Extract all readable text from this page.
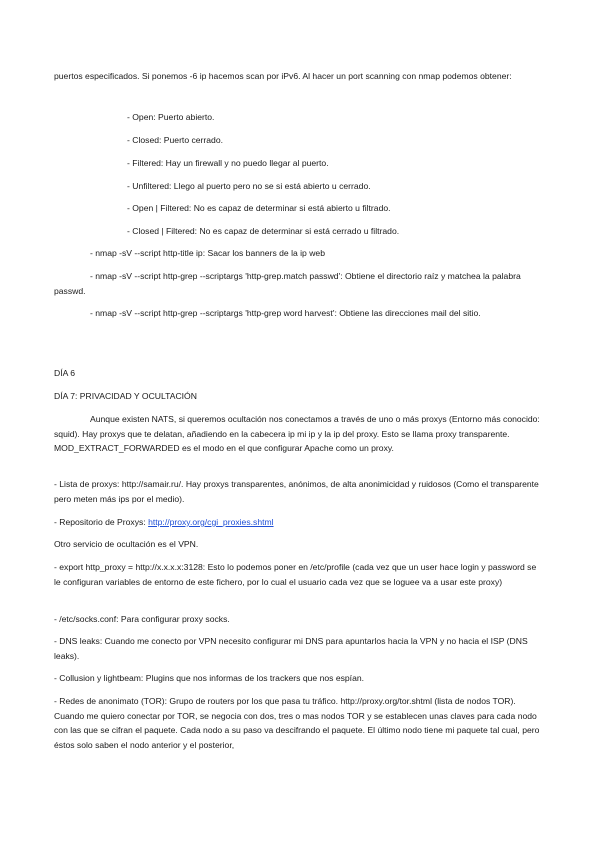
puertos especificados. Si ponemos -6 ip hacemos scan por iPv6. Al hacer un port scanning con nmap podemos obtener:

- Open: Puerto abierto.

- Closed: Puerto cerrado.

- Filtered: Hay un firewall y no puedo llegar al puerto.

- Unfiltered: Llego al puerto pero no se si está abierto u cerrado.

- Open | Filtered: No es capaz de determinar si está abierto u filtrado.

- Closed | Filtered: No es capaz de determinar si está cerrado u filtrado.

- nmap -sV --script http-title ip: Sacar los banners de la ip web

- nmap -sV --script http-grep --scriptargs 'http-grep.match passwd': Obtiene el directorio raíz y matchea la palabra passwd.

- nmap -sV --script http-grep --scriptargs 'http-grep word harvest': Obtiene las direcciones mail del sitio.

DÍA 6

DÍA 7: PRIVACIDAD Y OCULTACIÓN

Aunque existen NATS, si queremos ocultación nos conectamos a través de uno o más proxys (Entorno más conocido: squid). Hay proxys que te delatan, añadiendo en la cabecera ip mi ip y la ip del proxy. Esto se llama proxy transparente. MOD_EXTRACT_FORWARDED es el modo en el que configurar Apache como un proxy.

- Lista de proxys: http://samair.ru/. Hay proxys transparentes, anónimos, de alta anonimicidad y ruidosos (Como el transparente pero meten más ips por el medio).

- Repositorio de Proxys: http://proxy.org/cgi_proxies.shtml

Otro servicio de ocultación es el VPN.

- export http_proxy = http://x.x.x.x:3128: Esto lo podemos poner en /etc/profile (cada vez que un user hace login y password se le configuran variables de entorno de este fichero, por lo cual el usuario cada vez que se loguee va a usar este proxy)

- /etc/socks.conf: Para configurar proxy socks.

- DNS leaks: Cuando me conecto por VPN necesito configurar mi DNS para apuntarlos hacia la VPN y no hacia el ISP (DNS leaks).

- Collusion y lightbeam: Plugins que nos informas de los trackers que nos espían.

- Redes de anonimato (TOR): Grupo de routers por los que pasa tu tráfico. http://proxy.org/tor.shtml (lista de nodos TOR). Cuando me quiero conectar por TOR, se negocia con dos, tres o mas nodos TOR y se establecen unas claves para cada nodo con las que se cifran el paquete. Cada nodo a su paso va descifrando el paquete. El último nodo tiene mi paquete tal cual, pero éstos solo saben el nodo anterior y el posterior,
